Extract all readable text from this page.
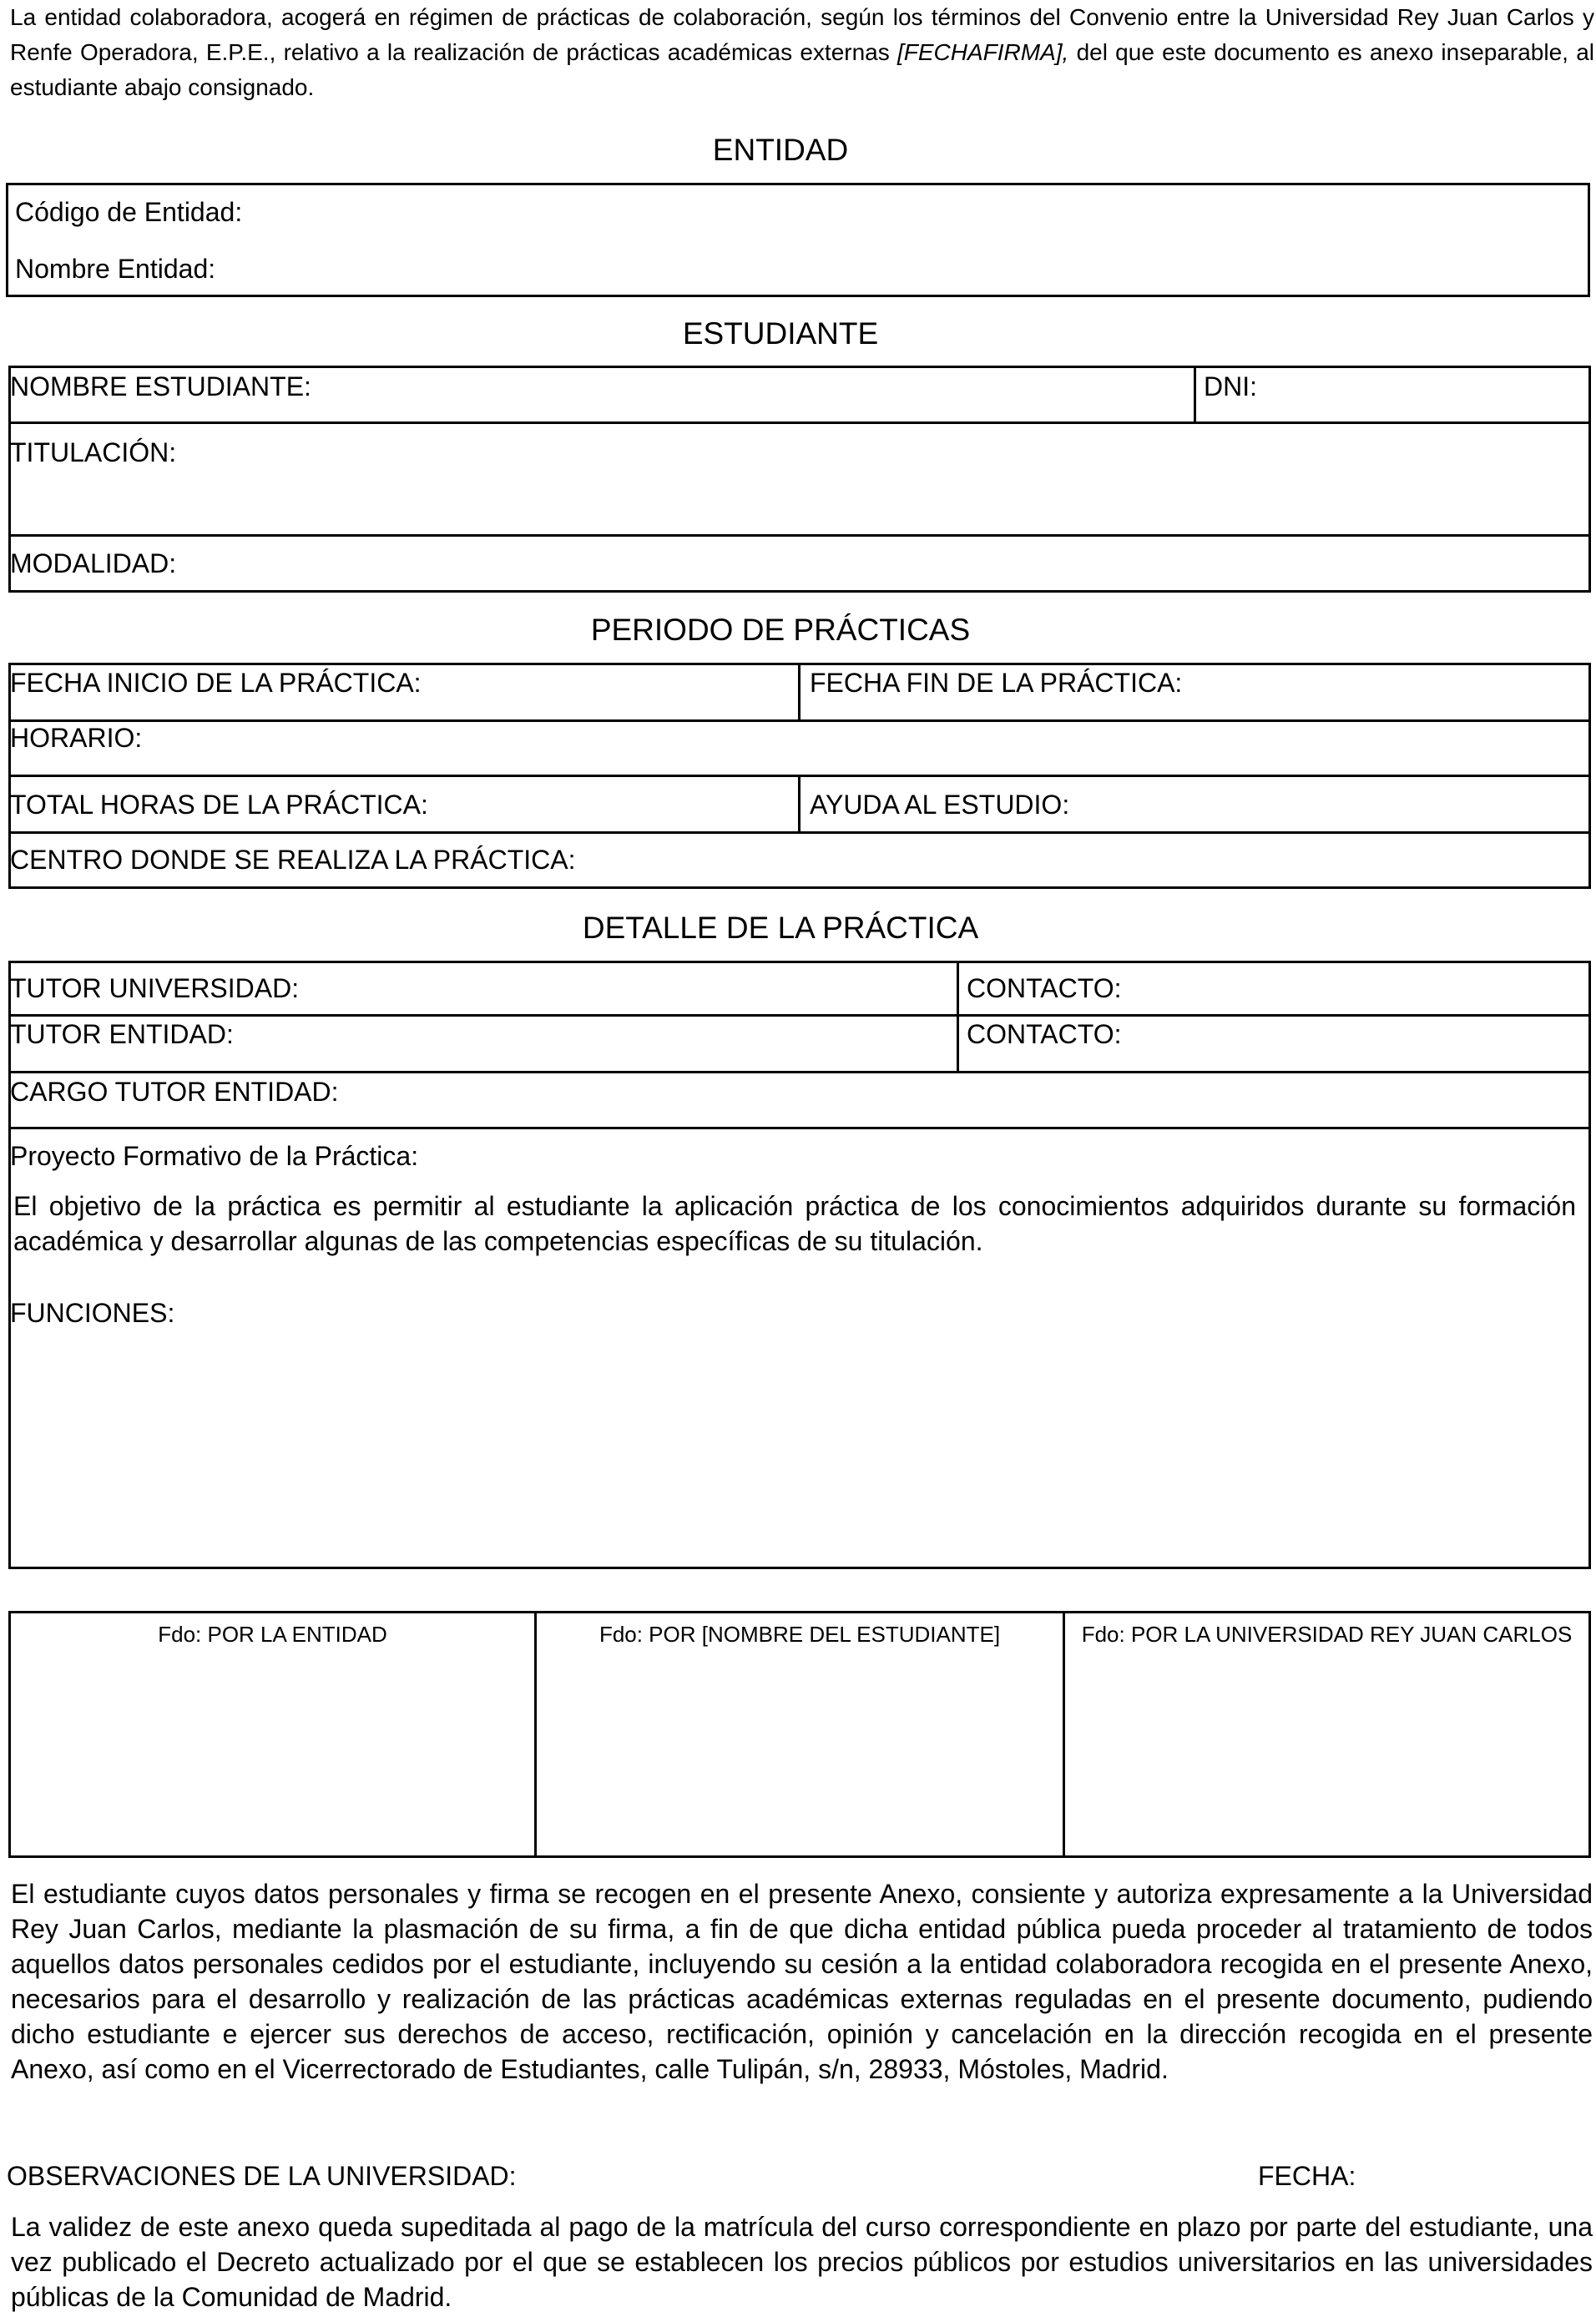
La entidad colaboradora, acogerá en régimen de prácticas de colaboración, según los términos del Convenio entre la Universidad Rey Juan Carlos y Renfe Operadora, E.P.E., relativo a la realización de prácticas académicas externas [FECHAFIRMA], del que este documento es anexo inseparable, al estudiante abajo consignado.
ENTIDAD
Código de Entidad:
Nombre Entidad:
ESTUDIANTE
NOMBRE ESTUDIANTE:	DNI:
TITULACIÓN:
MODALIDAD:
PERIODO DE PRÁCTICAS
FECHA INICIO DE LA PRÁCTICA:	FECHA FIN DE LA PRÁCTICA:
HORARIO:
TOTAL HORAS DE LA PRÁCTICA:	AYUDA AL ESTUDIO:
CENTRO DONDE SE REALIZA LA PRÁCTICA:
DETALLE DE LA PRÁCTICA
TUTOR UNIVERSIDAD:	CONTACTO:
TUTOR ENTIDAD:	CONTACTO:
CARGO TUTOR ENTIDAD:
Proyecto Formativo de la Práctica:
El objetivo de la práctica es permitir al estudiante la aplicación práctica de los conocimientos adquiridos durante su formación académica y desarrollar algunas de las competencias específicas de su titulación.
FUNCIONES:
Fdo: POR LA ENTIDAD	Fdo: POR [NOMBRE DEL ESTUDIANTE]	Fdo: POR LA UNIVERSIDAD REY JUAN CARLOS
El estudiante cuyos datos personales y firma se recogen en el presente Anexo, consiente y autoriza expresamente a la Universidad Rey Juan Carlos, mediante la plasmación de su firma, a fin de que dicha entidad pública pueda proceder al tratamiento de todos aquellos datos personales cedidos por el estudiante, incluyendo su cesión a la entidad colaboradora recogida en el presente Anexo, necesarios para el desarrollo y realización de las prácticas académicas externas reguladas en el presente documento, pudiendo dicho estudiante e ejercer sus derechos de acceso, rectificación, opinión y cancelación en la dirección recogida en el presente Anexo, así como en el Vicerrectorado de Estudiantes, calle Tulipán, s/n, 28933, Móstoles, Madrid.
OBSERVACIONES DE LA UNIVERSIDAD:	FECHA:
La validez de este anexo queda supeditada al pago de la matrícula del curso correspondiente en plazo por parte del estudiante, una vez publicado el Decreto actualizado por el que se establecen los precios públicos por estudios universitarios en las universidades públicas de la Comunidad de Madrid.
